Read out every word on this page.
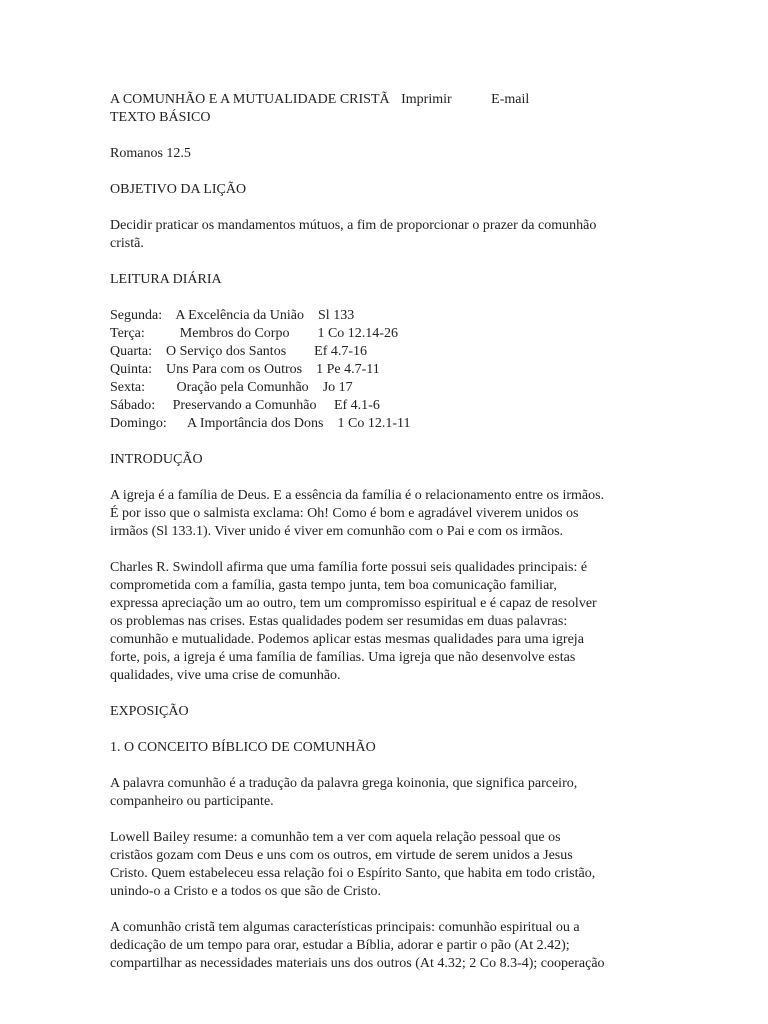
A COMUNHÃO E A MUTUALIDADE CRISTÃ Imprimir	E-mail
TEXTO BÁSICO
Romanos 12.5
OBJETIVO DA LIÇÃO
Decidir praticar os mandamentos mútuos, a fim de proporcionar o prazer da comunhão
cristã.
LEITURA DIÁRIA
Segunda: A Excelência da União Sl 133
Terça:	Membros do Corpo 1 Co 12.14-26
Quarta: O Serviço dos Santos Ef 4.7-16
Quinta: Uns Para com os Outros 1 Pe 4.7-11
Sexta: Oração pela Comunhão Jo 17
Sábado: Preservando a Comunhão Ef 4.1-6
Domingo: A Importância dos Dons 1 Co 12.1-11
INTRODUÇÃO
A igreja é a família de Deus. E a essência da família é o relacionamento entre os irmãos.
É por isso que o salmista exclama: Oh! Como é bom e agradável viverem unidos os
irmãos (Sl 133.1). Viver unido é viver em comunhão com o Pai e com os irmãos.
Charles R. Swindoll afirma que uma família forte possui seis qualidades principais: é
comprometida com a família, gasta tempo junta, tem boa comunicação familiar,
expressa apreciação um ao outro, tem um compromisso espiritual e é capaz de resolver
os problemas nas crises. Estas qualidades podem ser resumidas em duas palavras:
comunhão e mutualidade. Podemos aplicar estas mesmas qualidades para uma igreja
forte, pois, a igreja é uma família de famílias. Uma igreja que não desenvolve estas
qualidades, vive uma crise de comunhão.
EXPOSIÇÃO
1. O CONCEITO BÍBLICO DE COMUNHÃO
A palavra comunhão é a tradução da palavra grega koinonia, que significa parceiro,
companheiro ou participante.
Lowell Bailey resume: a comunhão tem a ver com aquela relação pessoal que os
cristãos gozam com Deus e uns com os outros, em virtude de serem unidos a Jesus
Cristo. Quem estabeleceu essa relação foi o Espírito Santo, que habita em todo cristão,
unindo-o a Cristo e a todos os que são de Cristo.
A comunhão cristã tem algumas características principais: comunhão espiritual ou a
dedicação de um tempo para orar, estudar a Bíblia, adorar e partir o pão (At 2.42);
compartilhar as necessidades materiais uns dos outros (At 4.32; 2 Co 8.3-4); cooperação
